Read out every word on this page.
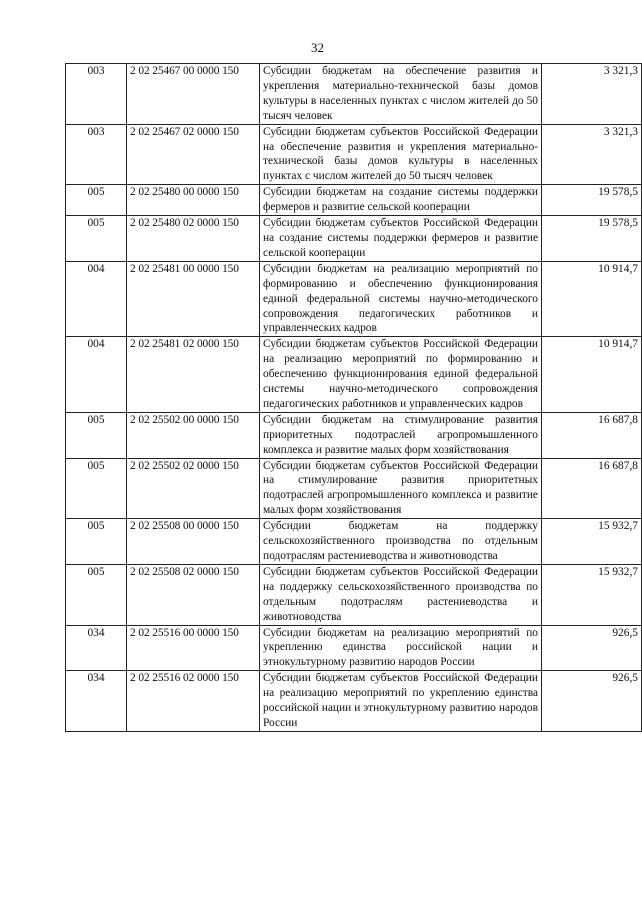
32
003	2 02 25467 00 0000 150	Субсидии бюджетам на обеспечение развития и укрепления материально-технической базы домов культуры в населенных пунктах с числом жителей до 50 тысяч человек	3 321,3
003	2 02 25467 02 0000 150	Субсидии бюджетам субъектов Российской Федерации на обеспечение развития и укрепления материально-технической базы домов культуры в населенных пунктах с числом жителей до 50 тысяч человек	3 321,3
005	2 02 25480 00 0000 150	Субсидии бюджетам на создание системы поддержки фермеров и развитие сельской кооперации	19 578,5
005	2 02 25480 02 0000 150	Субсидии бюджетам субъектов Российской Федерации на создание системы поддержки фермеров и развитие сельской кооперации	19 578,5
004	2 02 25481 00 0000 150	Субсидии бюджетам на реализацию мероприятий по формированию и обеспечению функционирования единой федеральной системы научно-методического сопровождения педагогических работников и управленческих кадров	10 914,7
004	2 02 25481 02 0000 150	Субсидии бюджетам субъектов Российской Федерации на реализацию мероприятий по формированию и обеспечению функционирования единой федеральной системы научно-методического сопровождения педагогических работников и управленческих кадров	10 914,7
005	2 02 25502 00 0000 150	Субсидии бюджетам на стимулирование развития приоритетных подотраслей агропромышленного комплекса и развитие малых форм хозяйствования	16 687,8
005	2 02 25502 02 0000 150	Субсидии бюджетам субъектов Российской Федерации на стимулирование развития приоритетных подотраслей агропромышленного комплекса и развитие малых форм хозяйствования	16 687,8
005	2 02 25508 00 0000 150	Субсидии бюджетам на поддержку сельскохозяйственного производства по отдельным подотраслям растениеводства и животноводства	15 932,7
005	2 02 25508 02 0000 150	Субсидии бюджетам субъектов Российской Федерации на поддержку сельскохозяйственного производства по отдельным подотраслям растениеводства и животноводства	15 932,7
034	2 02 25516 00 0000 150	Субсидии бюджетам на реализацию мероприятий по укреплению единства российской нации и этнокультурному развитию народов России	926,5
034	2 02 25516 02 0000 150	Субсидии бюджетам субъектов Российской Федерации на реализацию мероприятий по укреплению единства российской нации и этнокультурному развитию народов России	926,5
